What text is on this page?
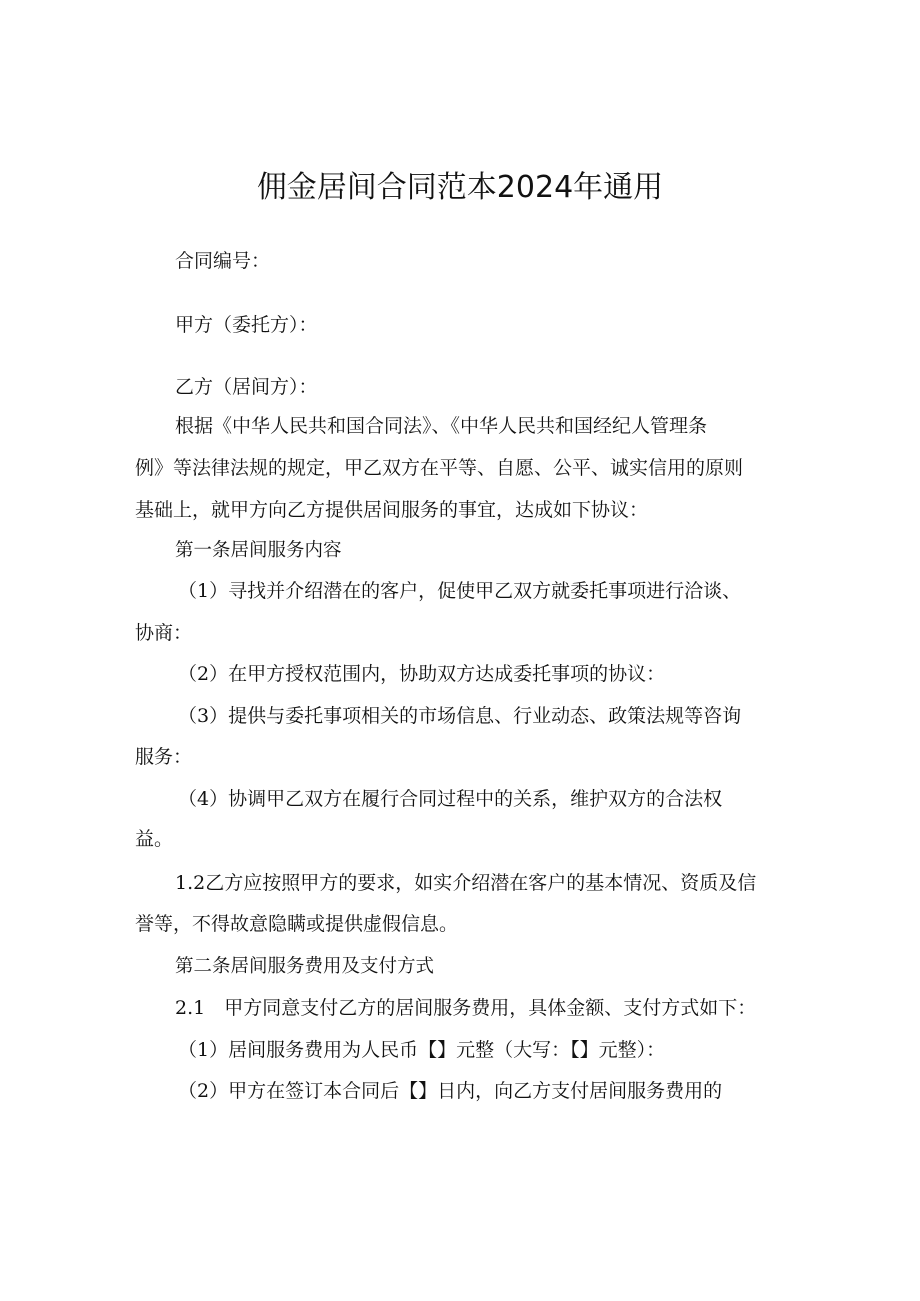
佣金居间合同范本2024年通用
合同编号：
甲方（委托方）：
乙方（居间方）：
根据《中华人民共和国合同法》、《中华人民共和国经纪人管理条
例》等法律法规的规定，甲乙双方在平等、自愿、公平、诚实信用的原则
基础上，就甲方向乙方提供居间服务的事宜，达成如下协议：
第一条居间服务内容
（1）寻找并介绍潜在的客户，促使甲乙双方就委托事项进行洽谈、
协商：
（2）在甲方授权范围内，协助双方达成委托事项的协议：
（3）提供与委托事项相关的市场信息、行业动态、政策法规等咨询
服务：
（4）协调甲乙双方在履行合同过程中的关系，维护双方的合法权
益。
1.2乙方应按照甲方的要求，如实介绍潜在客户的基本情况、资质及信
誉等，不得故意隐瞒或提供虚假信息。
第二条居间服务费用及支付方式
2.1　甲方同意支付乙方的居间服务费用，具体金额、支付方式如下：
（1）居间服务费用为人民币【】元整（大写：【】元整）：
（2）甲方在签订本合同后【】日内，向乙方支付居间服务费用的
